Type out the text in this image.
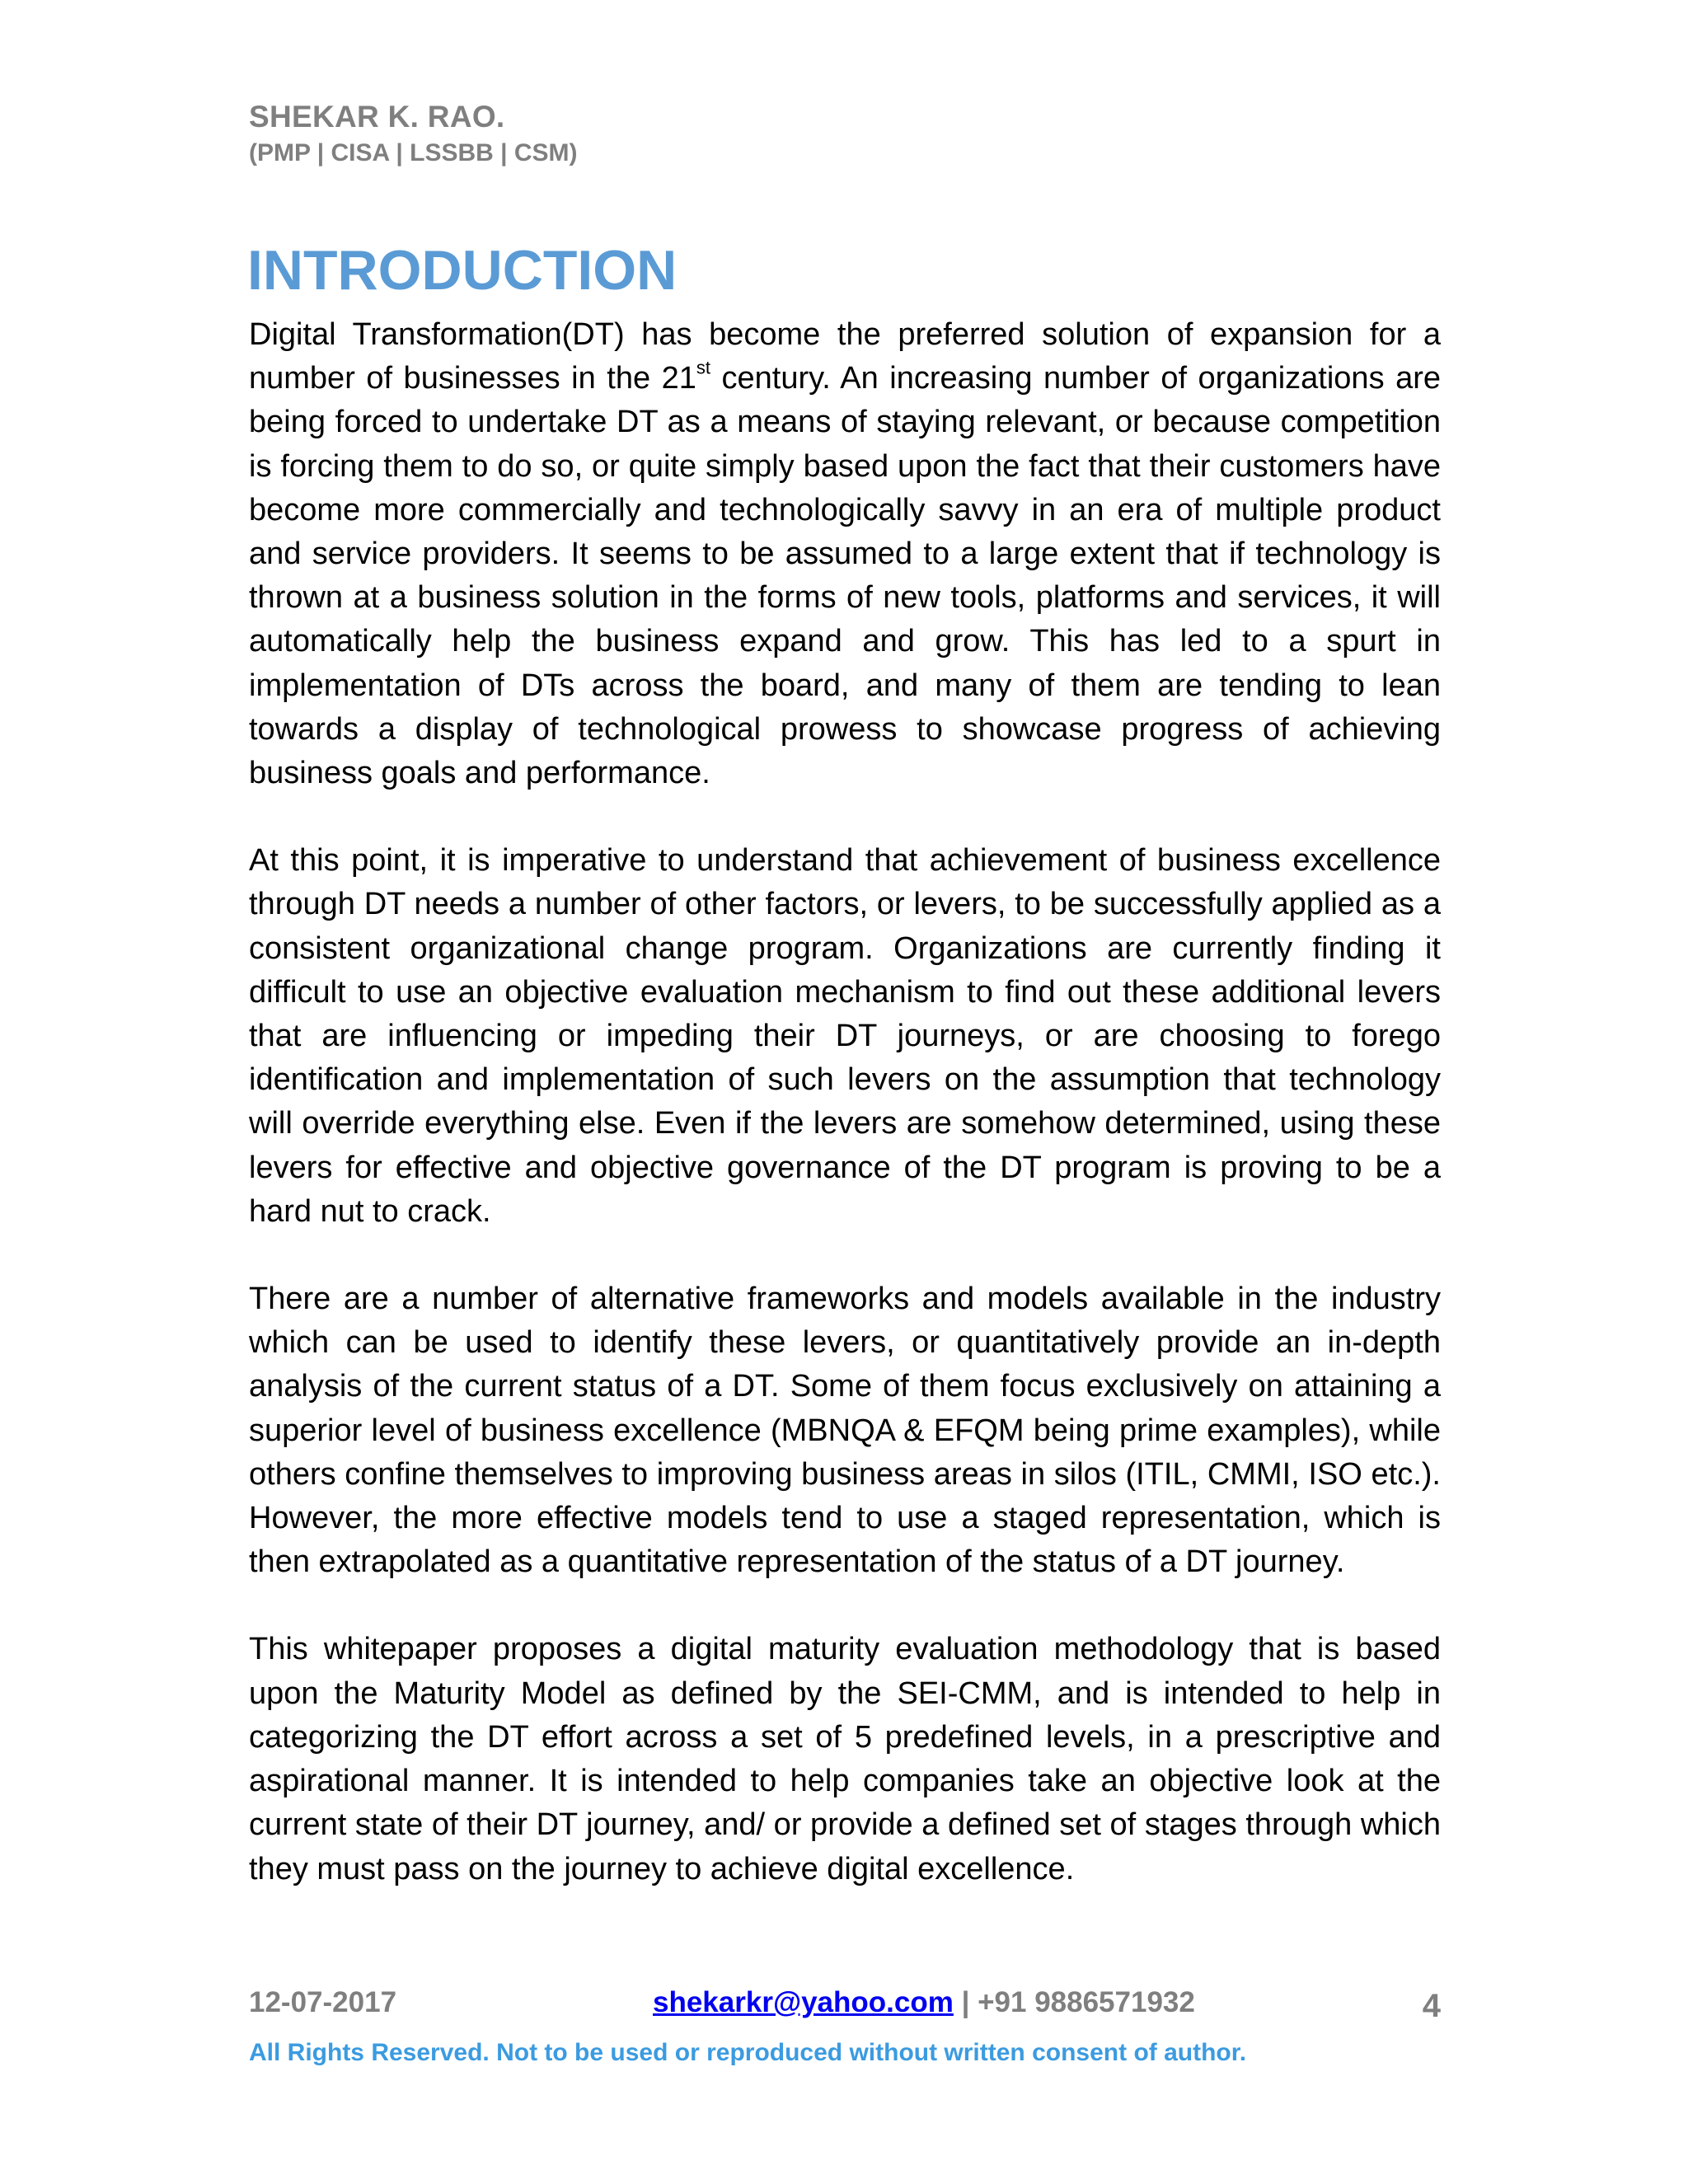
SHEKAR K. RAO.
(PMP | CISA | LSSBB | CSM)
INTRODUCTION

Digital Transformation(DT) has become the preferred solution of expansion for a number of businesses in the 21st century. An increasing number of organizations are being forced to undertake DT as a means of staying relevant, or because competition is forcing them to do so, or quite simply based upon the fact that their customers have become more commercially and technologically savvy in an era of multiple product and service providers. It seems to be assumed to a large extent that if technology is thrown at a business solution in the forms of new tools, platforms and services, it will automatically help the business expand and grow. This has led to a spurt in implementation of DTs across the board, and many of them are tending to lean towards a display of technological prowess to showcase progress of achieving business goals and performance.

At this point, it is imperative to understand that achievement of business excellence through DT needs a number of other factors, or levers, to be successfully applied as a consistent organizational change program. Organizations are currently finding it difficult to use an objective evaluation mechanism to find out these additional levers that are influencing or impeding their DT journeys, or are choosing to forego identification and implementation of such levers on the assumption that technology will override everything else. Even if the levers are somehow determined, using these levers for effective and objective governance of the DT program is proving to be a hard nut to crack.

There are a number of alternative frameworks and models available in the industry which can be used to identify these levers, or quantitatively provide an in-depth analysis of the current status of a DT. Some of them focus exclusively on attaining a superior level of business excellence (MBNQA & EFQM being prime examples), while others confine themselves to improving business areas in silos (ITIL, CMMI, ISO etc.). However, the more effective models tend to use a staged representation, which is then extrapolated as a quantitative representation of the status of a DT journey.

This whitepaper proposes a digital maturity evaluation methodology that is based upon the Maturity Model as defined by the SEI-CMM, and is intended to help in categorizing the DT effort across a set of 5 predefined levels, in a prescriptive and aspirational manner. It is intended to help companies take an objective look at the current state of their DT journey, and/ or provide a defined set of stages through which they must pass on the journey to achieve digital excellence.

12-07-2017	shekarkr@yahoo.com | +91 9886571932	4
All Rights Reserved. Not to be used or reproduced without written consent of author.
